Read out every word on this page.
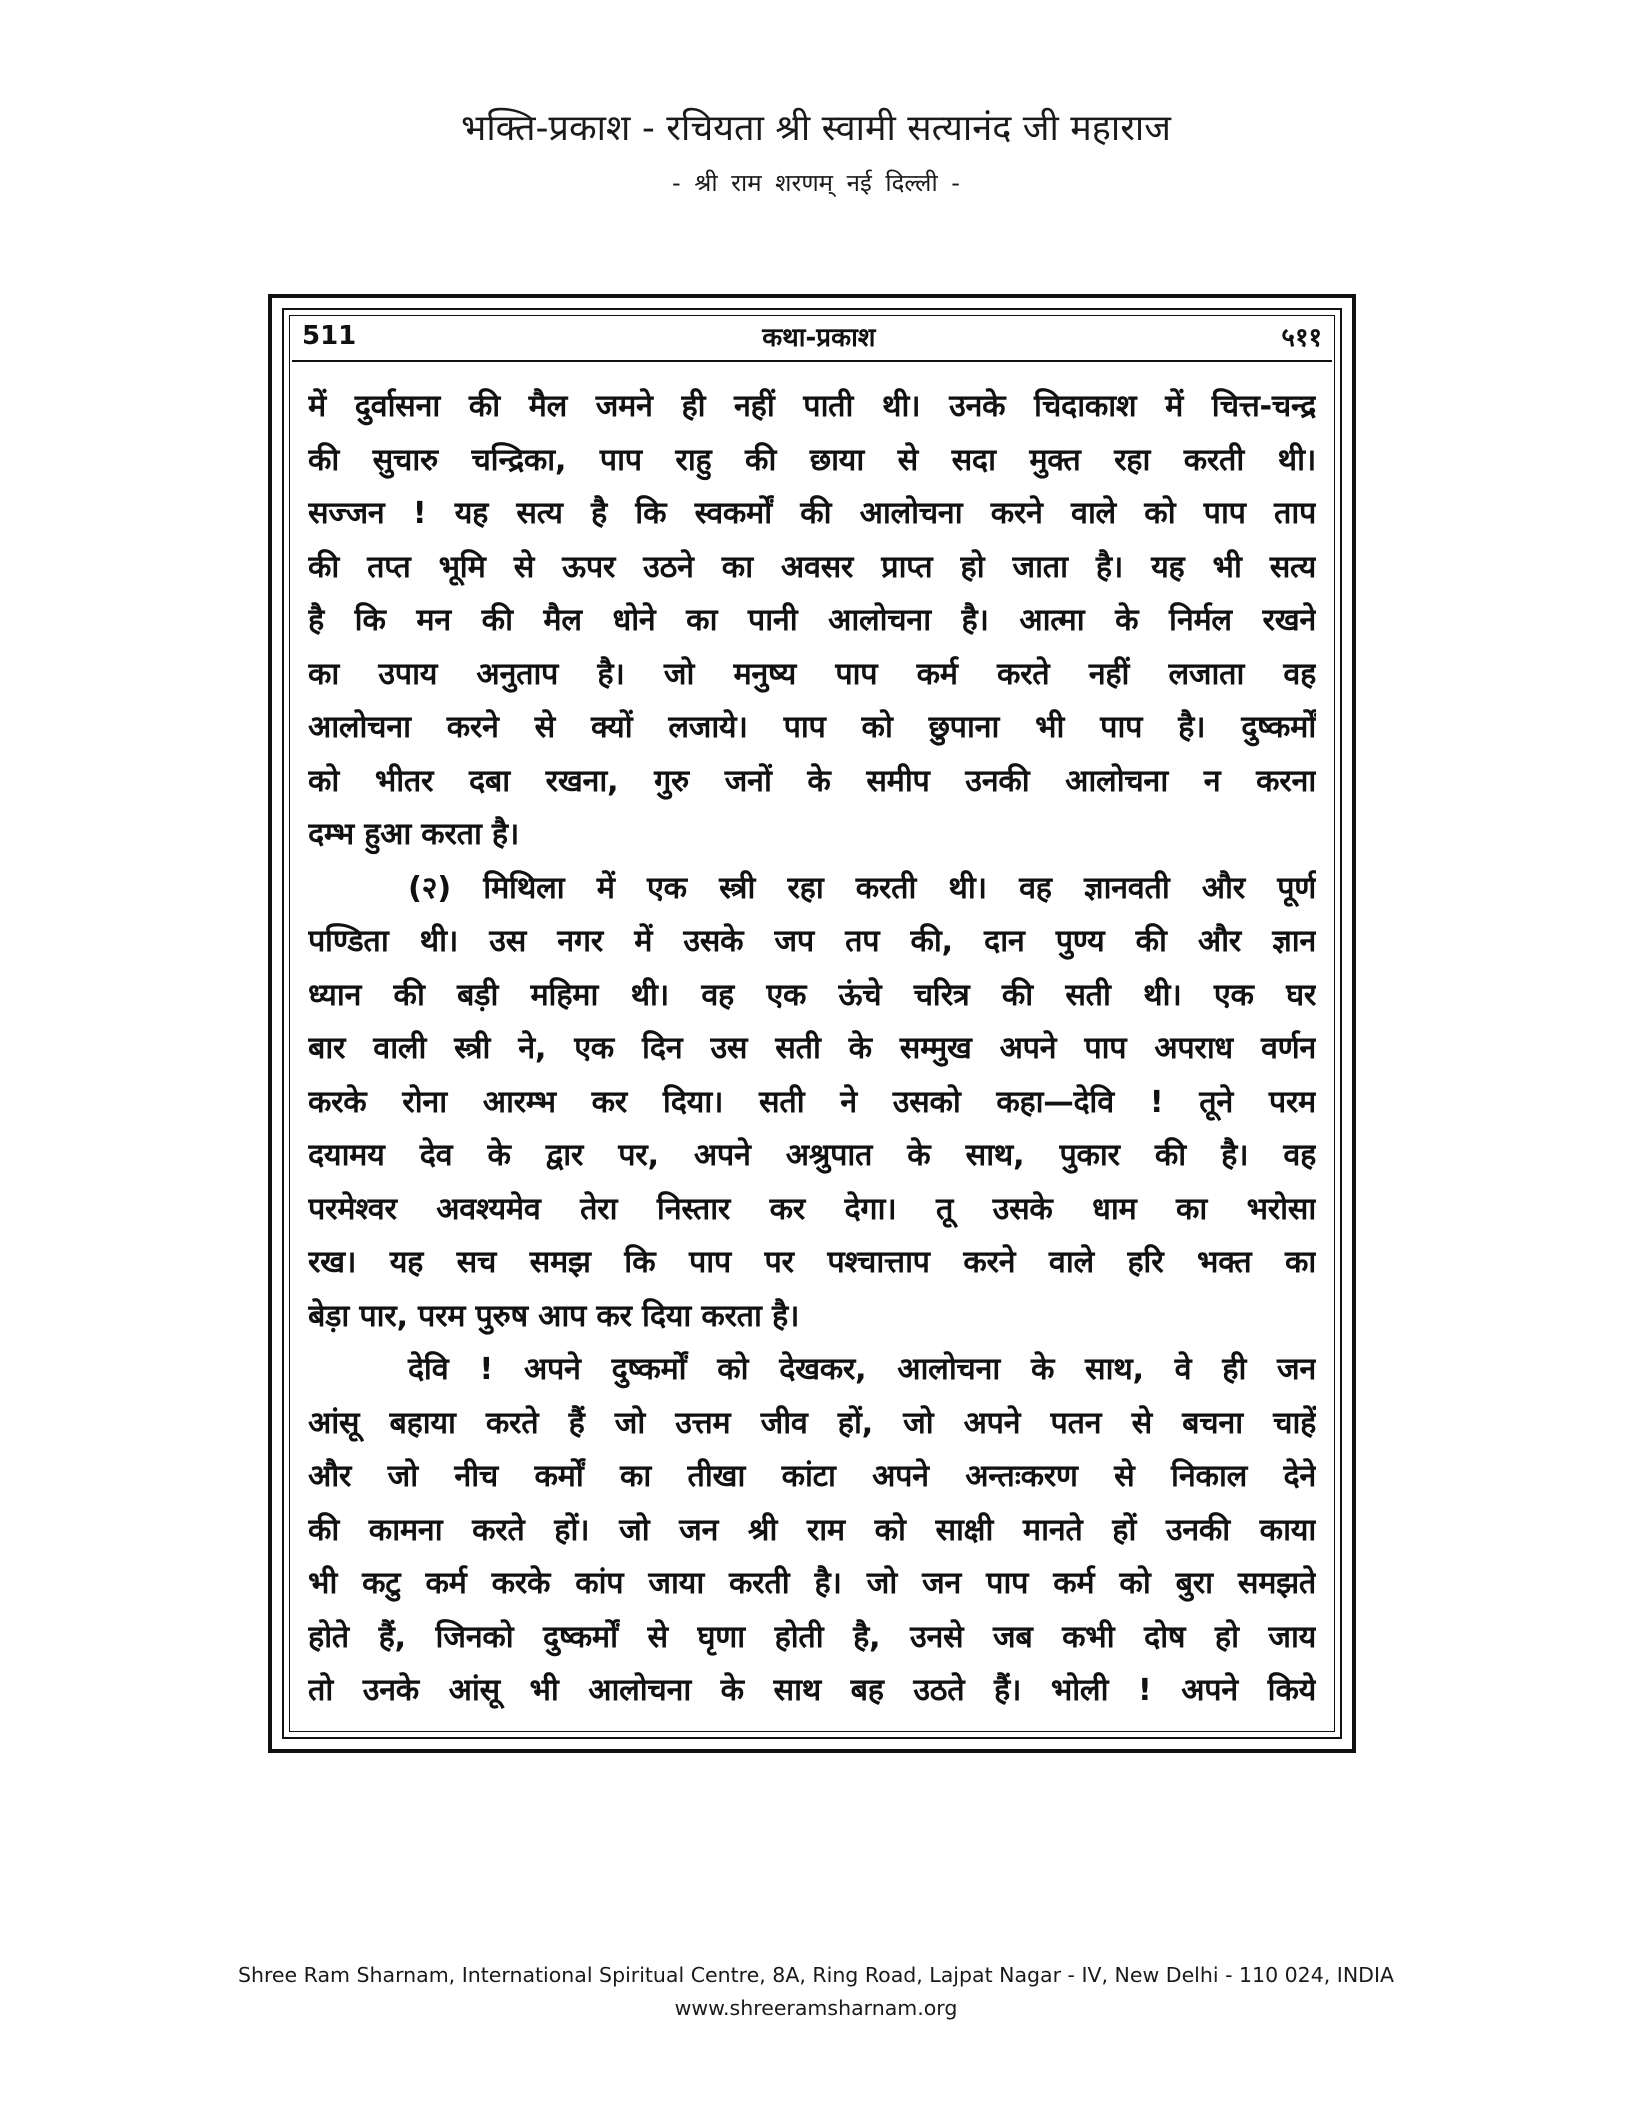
भक्ति-प्रकाश - रचियता श्री स्वामी सत्यानंद जी महाराज
- श्री राम शरणम् नई दिल्ली -
511	कथा-प्रकाश	५११
में दुर्वासना की मैल जमने ही नहीं पाती थी। उनके चिदाकाश में चित्त-चन्द्र
की सुचारु चन्द्रिका, पाप राहु की छाया से सदा मुक्त रहा करती थी।
सज्जन ! यह सत्य है कि स्वकर्मों की आलोचना करने वाले को पाप ताप
की तप्त भूमि से ऊपर उठने का अवसर प्राप्त हो जाता है। यह भी सत्य
है कि मन की मैल धोने का पानी आलोचना है। आत्मा के निर्मल रखने
का उपाय अनुताप है। जो मनुष्य पाप कर्म करते नहीं लजाता वह
आलोचना करने से क्यों लजाये। पाप को छुपाना भी पाप है। दुष्कर्मों
को भीतर दबा रखना, गुरु जनों के समीप उनकी आलोचना न करना
दम्भ हुआ करता है।
(२) मिथिला में एक स्त्री रहा करती थी। वह ज्ञानवती और पूर्ण
पण्डिता थी। उस नगर में उसके जप तप की, दान पुण्य की और ज्ञान
ध्यान की बड़ी महिमा थी। वह एक ऊंचे चरित्र की सती थी। एक घर
बार वाली स्त्री ने, एक दिन उस सती के सम्मुख अपने पाप अपराध वर्णन
करके रोना आरम्भ कर दिया। सती ने उसको कहा—देवि ! तूने परम
दयामय देव के द्वार पर, अपने अश्रुपात के साथ, पुकार की है। वह
परमेश्वर अवश्यमेव तेरा निस्तार कर देगा। तू उसके धाम का भरोसा
रख। यह सच समझ कि पाप पर पश्चात्ताप करने वाले हरि भक्त का
बेड़ा पार, परम पुरुष आप कर दिया करता है।
देवि ! अपने दुष्कर्मों को देखकर, आलोचना के साथ, वे ही जन
आंसू बहाया करते हैं जो उत्तम जीव हों, जो अपने पतन से बचना चाहें
और जो नीच कर्मों का तीखा कांटा अपने अन्तःकरण से निकाल देने
की कामना करते हों। जो जन श्री राम को साक्षी मानते हों उनकी काया
भी कटु कर्म करके कांप जाया करती है। जो जन पाप कर्म को बुरा समझते
होते हैं, जिनको दुष्कर्मों से घृणा होती है, उनसे जब कभी दोष हो जाय
तो उनके आंसू भी आलोचना के साथ बह उठते हैं। भोली ! अपने किये
Shree Ram Sharnam, International Spiritual Centre, 8A, Ring Road, Lajpat Nagar - IV, New Delhi - 110 024, INDIA
www.shreeramsharnam.org
